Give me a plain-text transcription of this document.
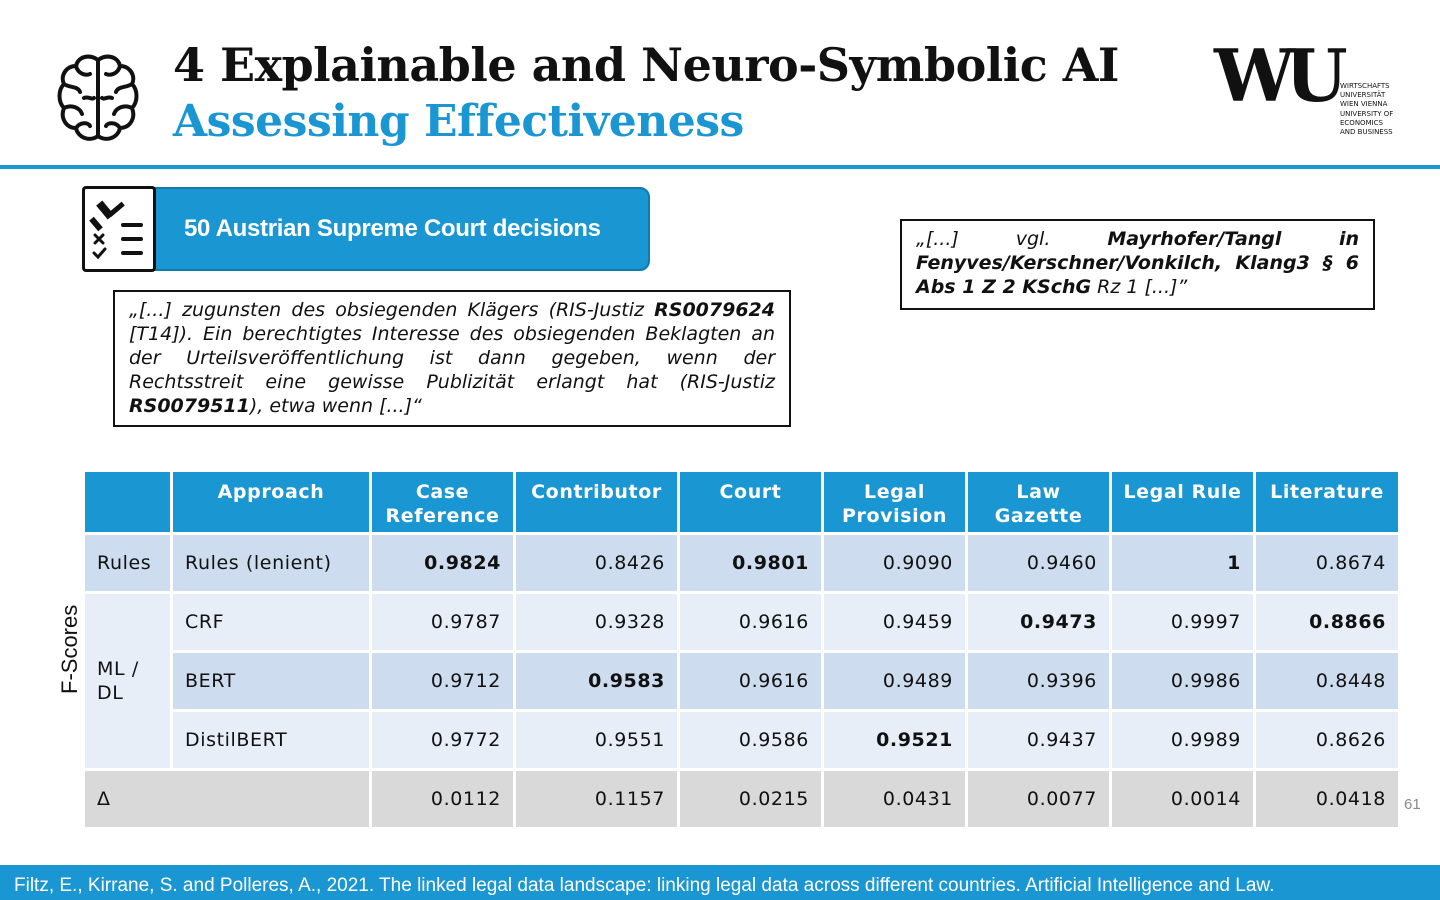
4 Explainable and Neuro-Symbolic AI
Assessing Effectiveness
WU WIRTSCHAFTS
UNIVERSITÄT
WIEN VIENNA
UNIVERSITY OF
ECONOMICS
AND BUSINESS
50 Austrian Supreme Court decisions
„[...] zugunsten des obsiegenden Klägers (RIS-Justiz RS0079624 [T14]). Ein berechtigtes Interesse des obsiegenden Beklagten an der Urteilsveröffentlichung ist dann gegeben, wenn der Rechtsstreit eine gewisse Publizität erlangt hat (RIS-Justiz RS0079511), etwa wenn [...]“
„[...] vgl. Mayrhofer/Tangl in Fenyves/Kerschner/Vonkilch, Klang3 § 6 Abs 1 Z 2 KSchG Rz 1 [...]”
F-Scores
	Approach	Case Reference	Contributor	Court	Legal Provision	Law Gazette	Legal Rule	Literature
Rules	Rules (lenient)	0.9824	0.8426	0.9801	0.9090	0.9460	1	0.8674
ML / DL	CRF	0.9787	0.9328	0.9616	0.9459	0.9473	0.9997	0.8866
	BERT	0.9712	0.9583	0.9616	0.9489	0.9396	0.9986	0.8448
	DistilBERT	0.9772	0.9551	0.9586	0.9521	0.9437	0.9989	0.8626
Δ		0.0112	0.1157	0.0215	0.0431	0.0077	0.0014	0.0418 61
Filtz, E., Kirrane, S. and Polleres, A., 2021. The linked legal data landscape: linking legal data across different countries. Artificial Intelligence and Law.
